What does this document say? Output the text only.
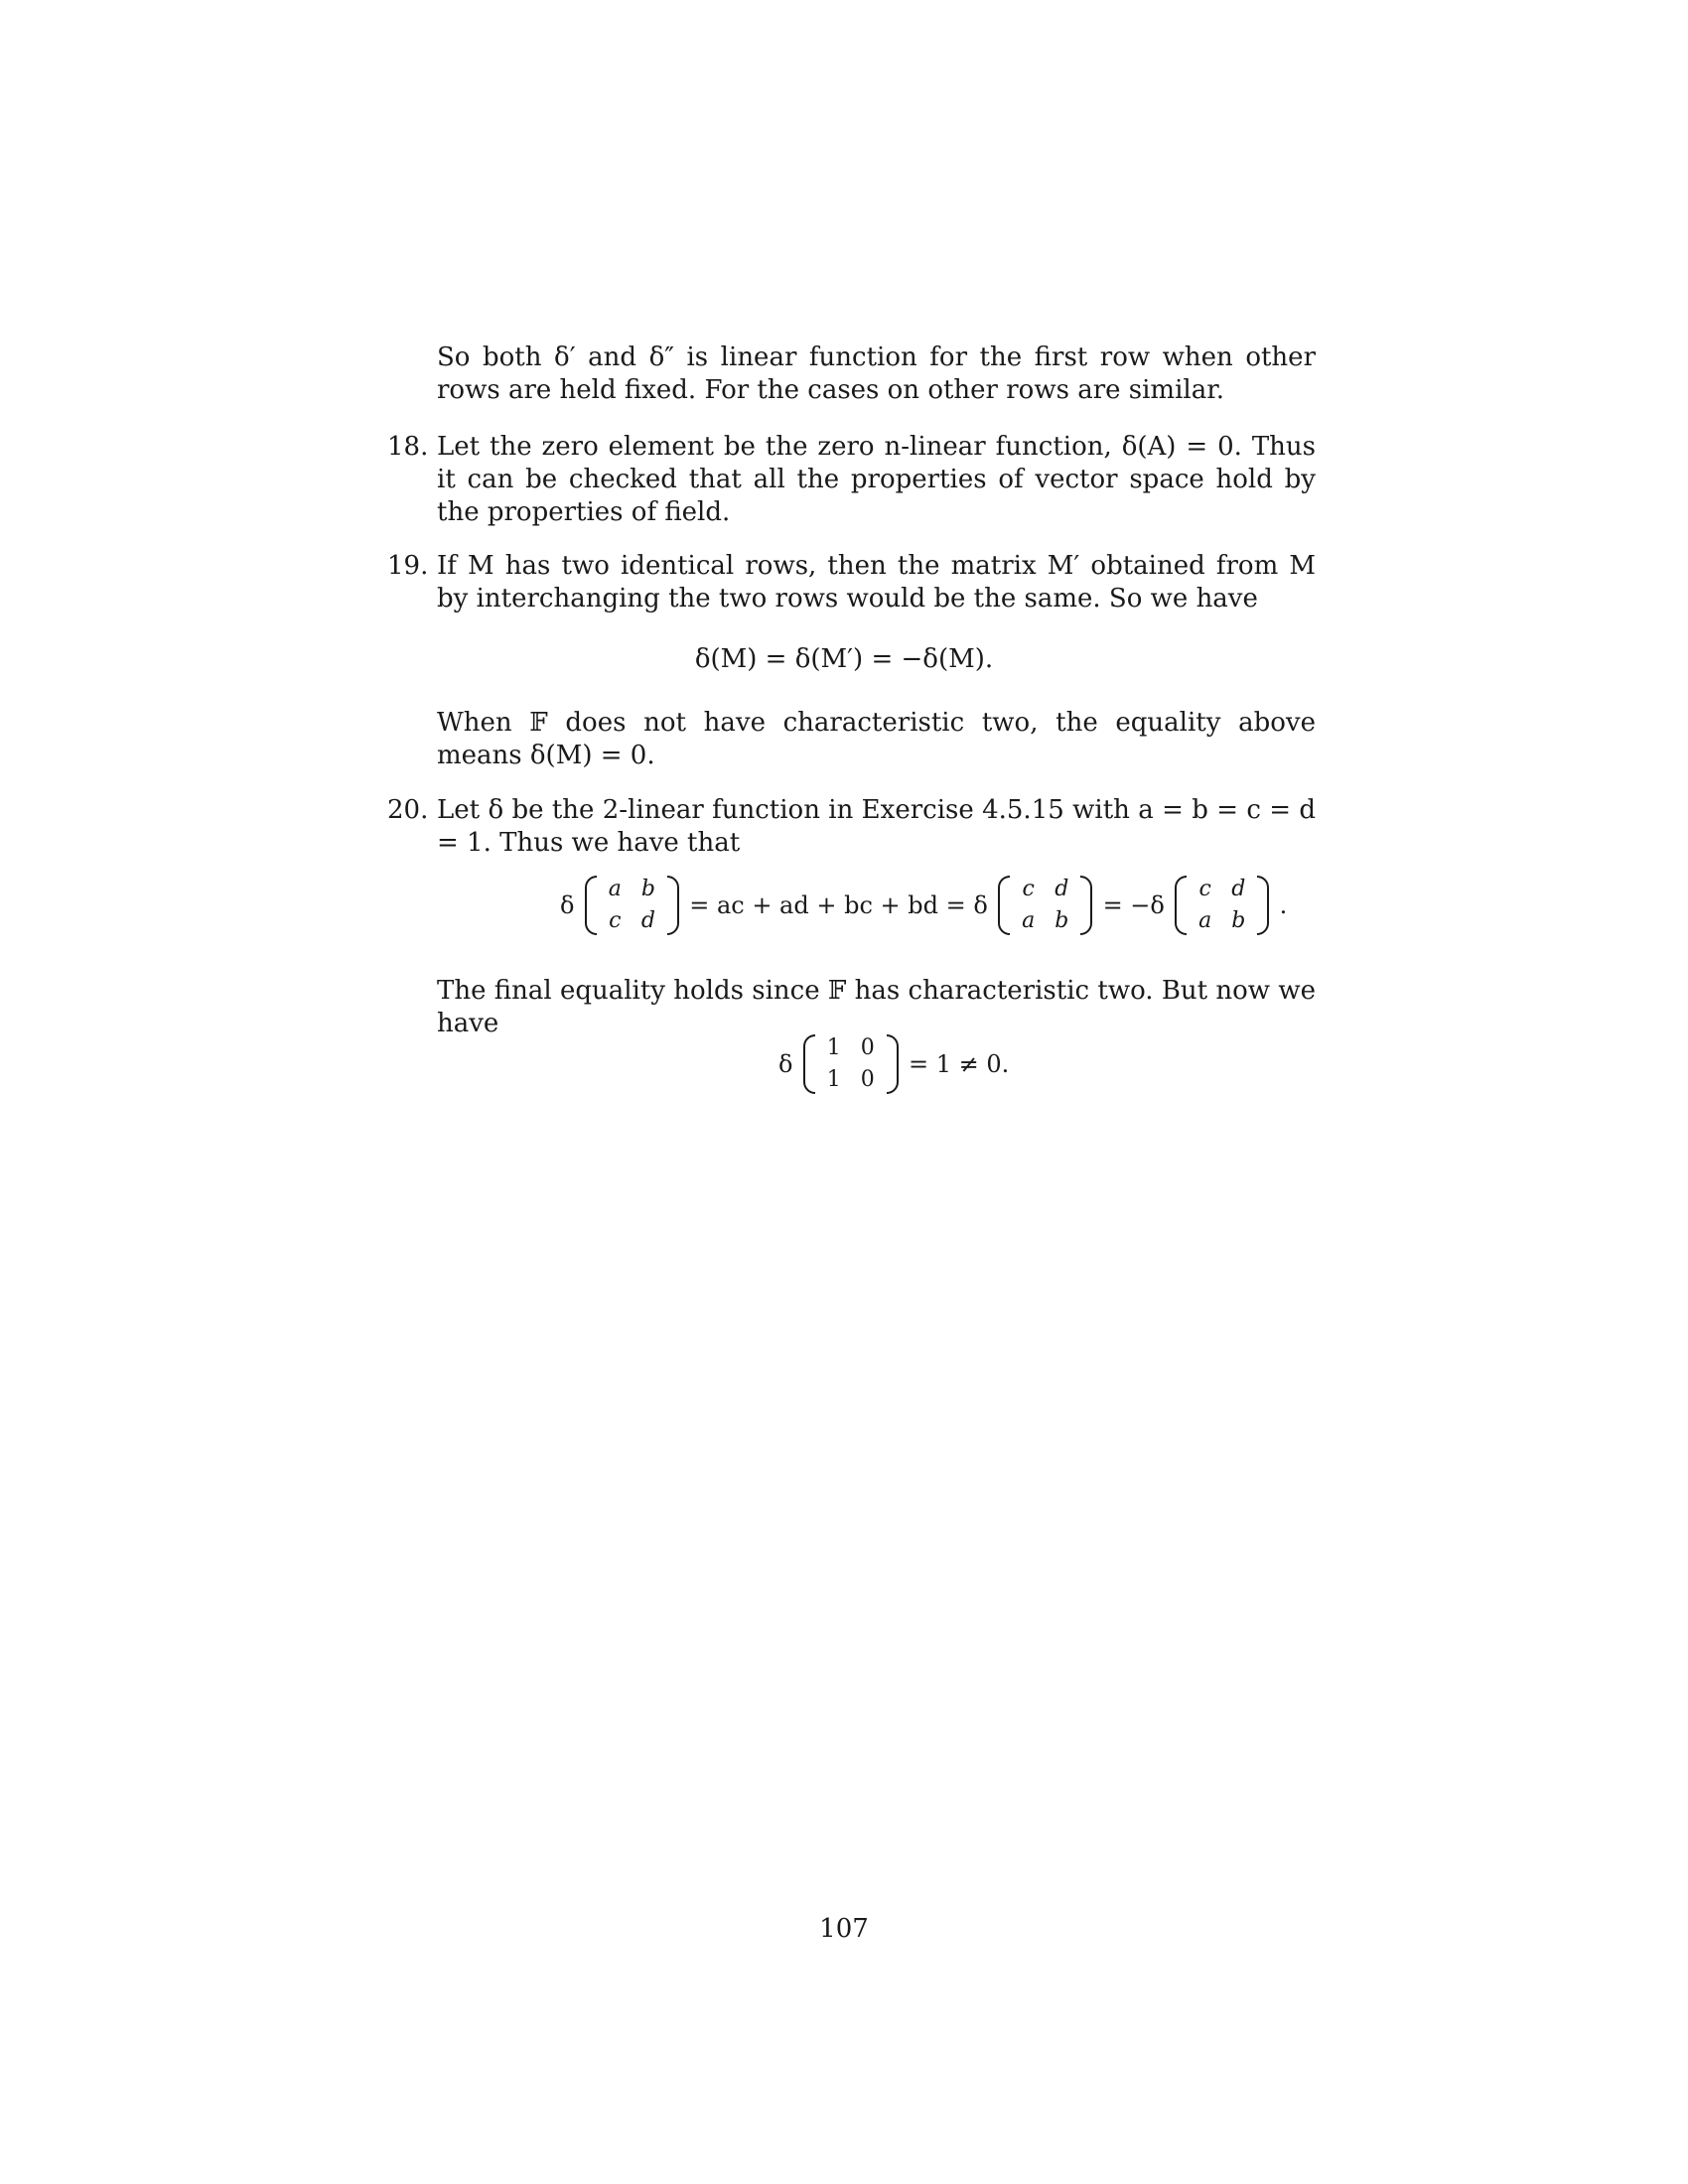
So both δ′ and δ″ is linear function for the first row when other rows are held fixed. For the cases on other rows are similar.

18. Let the zero element be the zero n-linear function, δ(A) = 0. Thus it can be checked that all the properties of vector space hold by the properties of field.

19. If M has two identical rows, then the matrix M′ obtained from M by interchanging the two rows would be the same. So we have

δ(M) = δ(M′) = −δ(M).

When 𝔽 does not have characteristic two, the equality above means δ(M) = 0.

20. Let δ be the 2-linear function in Exercise 4.5.15 with a = b = c = d = 1. Thus we have that

δ
a	b
c	d
= ac + ad + bc + bd = δ
c	d
a	b
= −δ
c	d
a	b
.

The final equality holds since 𝔽 has characteristic two. But now we have

δ
1	0
1	0
= 1 ≠ 0.
107
